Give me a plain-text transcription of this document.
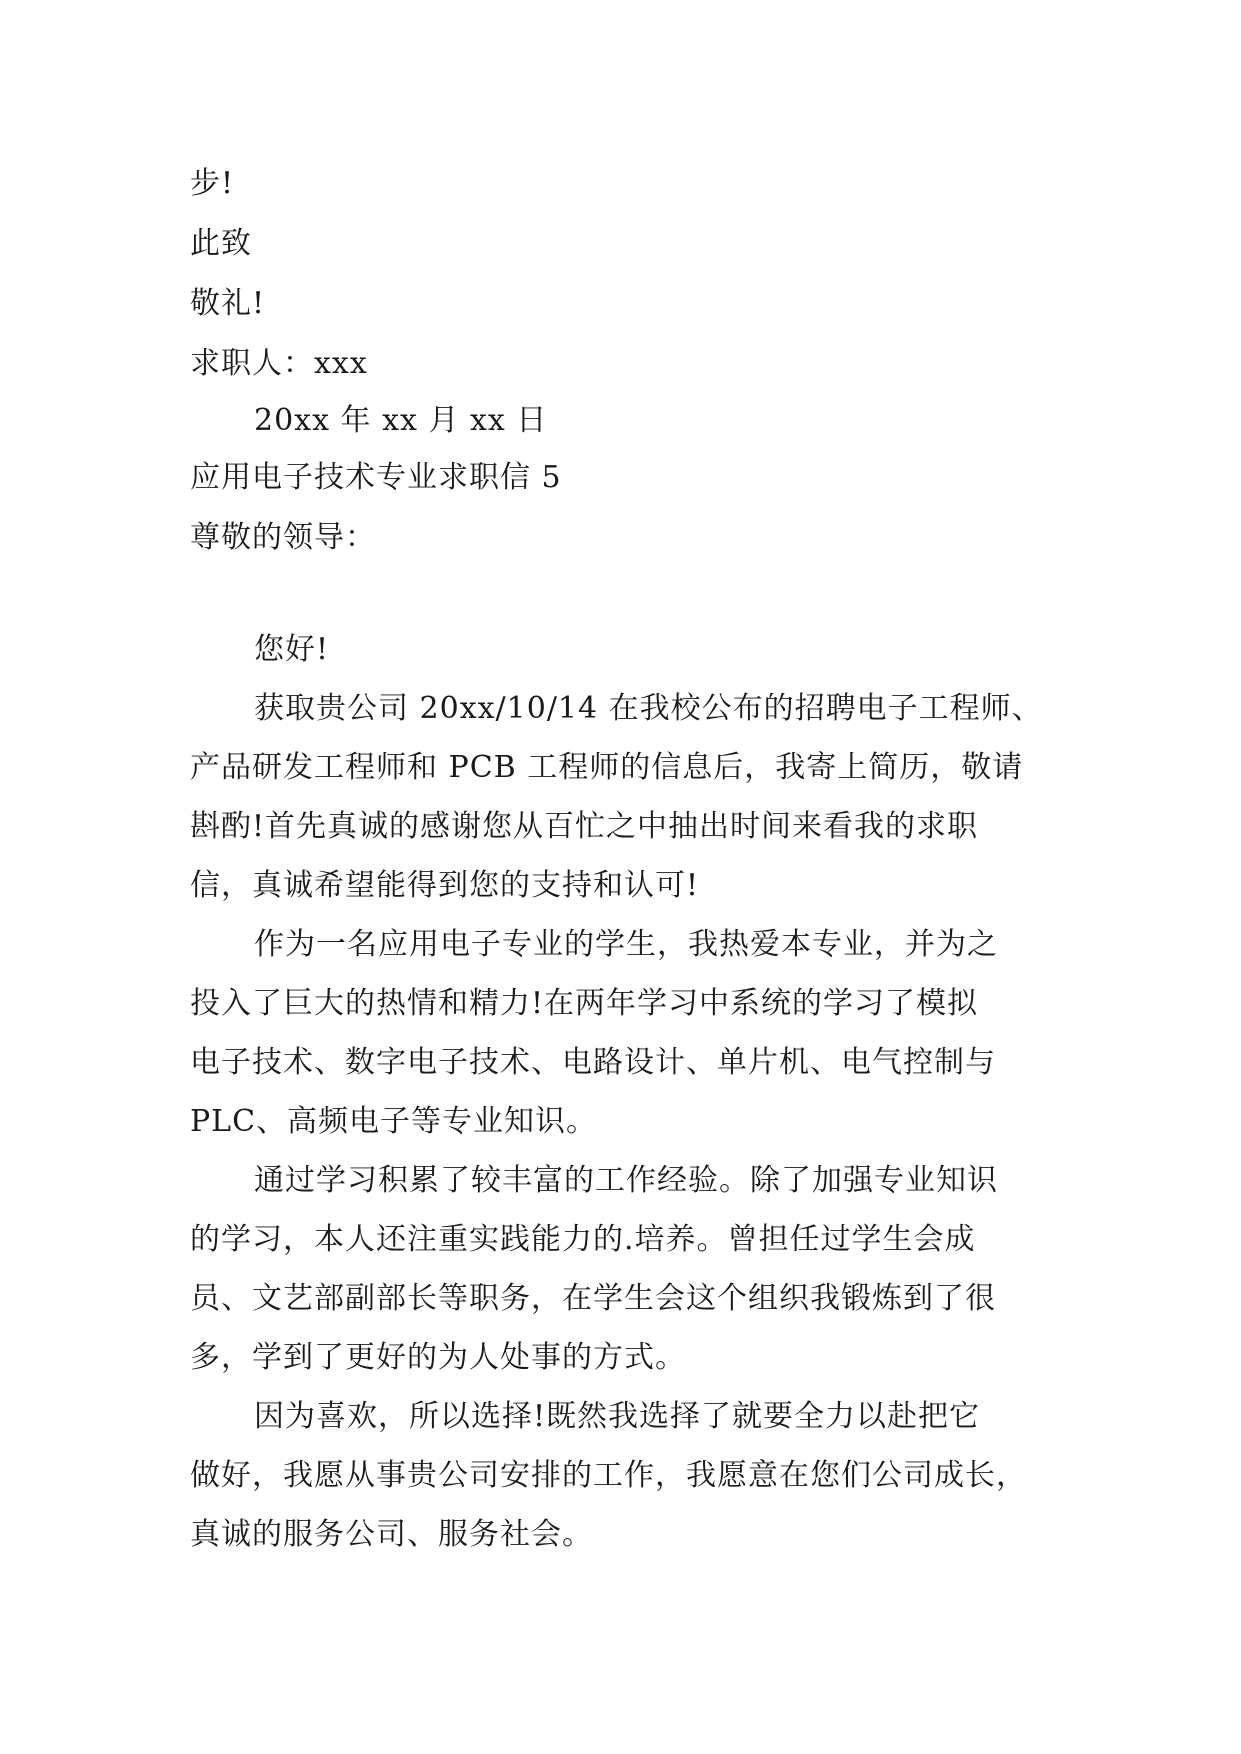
步!
此致
敬礼!
求职人：xxx
20xx 年 xx 月 xx 日
应用电子技术专业求职信 5
尊敬的领导：
您好!
获取贵公司 20xx/10/14 在我校公布的招聘电子工程师、
产品研发工程师和 PCB 工程师的信息后，我寄上简历，敬请
斟酌!首先真诚的感谢您从百忙之中抽出时间来看我的求职
信，真诚希望能得到您的支持和认可!
作为一名应用电子专业的学生，我热爱本专业，并为之
投入了巨大的热情和精力!在两年学习中系统的学习了模拟
电子技术、数字电子技术、电路设计、单片机、电气控制与
PLC、高频电子等专业知识。
通过学习积累了较丰富的工作经验。除了加强专业知识
的学习，本人还注重实践能力的.培养。曾担任过学生会成
员、文艺部副部长等职务，在学生会这个组织我锻炼到了很
多，学到了更好的为人处事的方式。
因为喜欢，所以选择!既然我选择了就要全力以赴把它
做好，我愿从事贵公司安排的工作，我愿意在您们公司成长，
真诚的服务公司、服务社会。
